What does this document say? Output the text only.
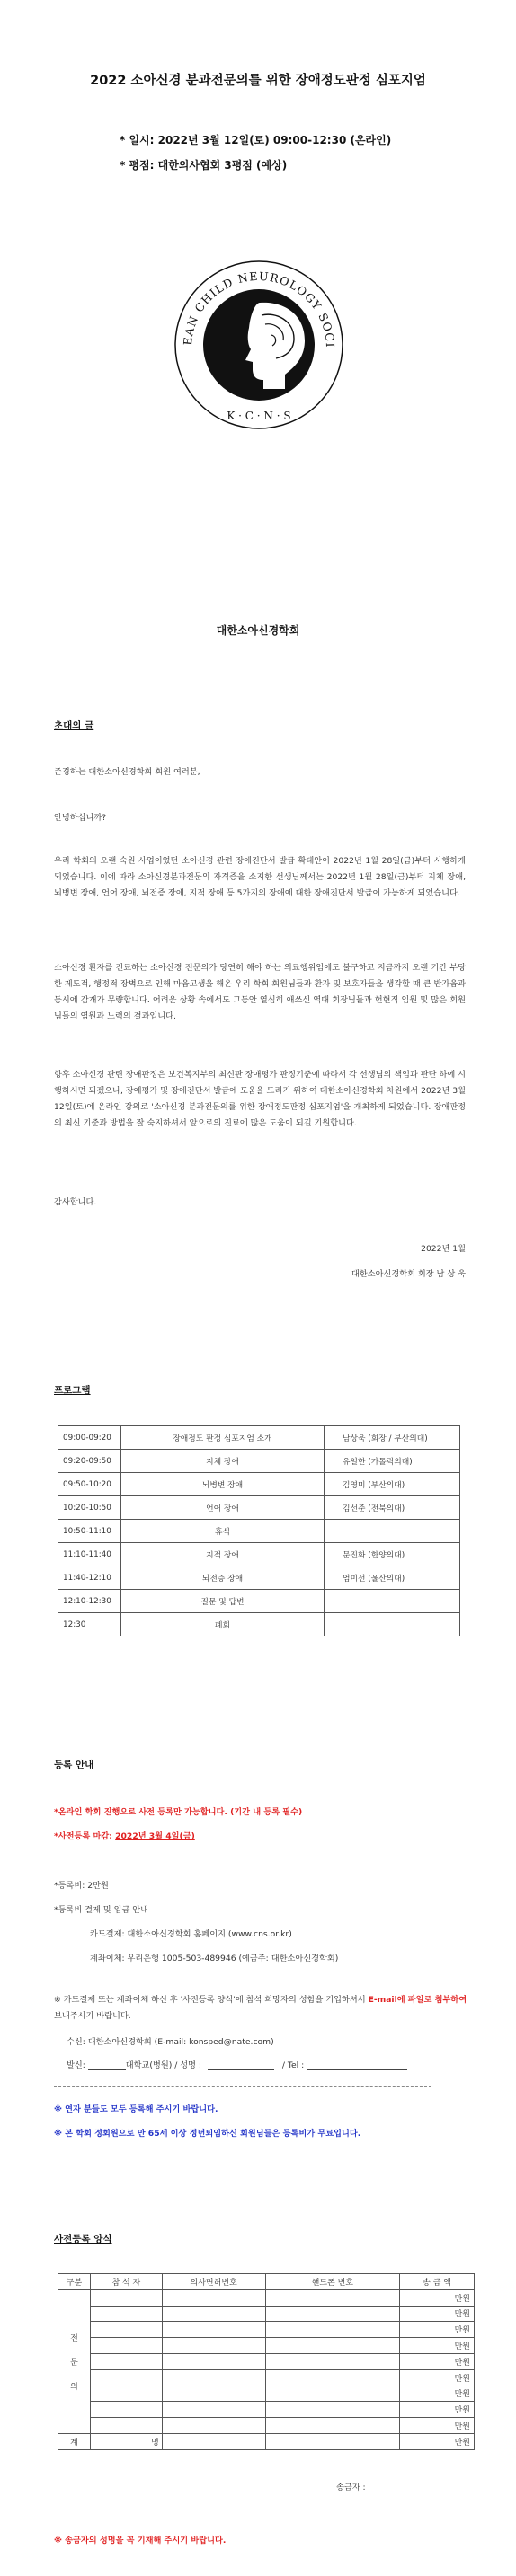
2022 소아신경 분과전문의를 위한 장애정도판정 심포지엄
* 일시: 2022년 3월 12일(토) 09:00-12:30 (온라인)
* 평점: 대한의사협회 3평점 (예상)
EAN CHILD NEUROLOGY SOCI
K · C · N · S
대한소아신경학회
초대의 글
존경하는 대한소아신경학회 회원 여러분,
안녕하십니까?
우리 학회의 오랜 숙원 사업이었던 소아신경 관련 장애진단서 발급 확대안이 2022년 1월 28일(금)부터 시행하게 되었습니다. 이에 따라 소아신경분과전문의 자격증을 소지한 선생님께서는 2022년 1월 28일(금)부터 지체 장애, 뇌병변 장애, 언어 장애, 뇌전증 장애, 지적 장애 등 5가지의 장애에 대한 장애진단서 발급이 가능하게 되었습니다.
소아신경 환자를 진료하는 소아신경 전문의가 당연히 해야 하는 의료행위임에도 불구하고 지금까지 오랜 기간 부당한 제도적, 행정적 장벽으로 인해 마음고생을 해온 우리 학회 회원님들과 환자 및 보호자들을 생각할 때 큰 반가움과 동시에 감개가 무량합니다. 어려운 상황 속에서도 그동안 열심히 애쓰신 역대 회장님들과 헌현직 임원 및 많은 회원님들의 염원과 노력의 결과입니다.
향후 소아신경 관련 장애판정은 보건복지부의 최신판 장애평가 판정기준에 따라서 각 선생님의 책임과 판단 하에 시행하시면 되겠으나, 장애평가 및 장애진단서 발급에 도움을 드리기 위하여 대한소아신경학회 차원에서 2022년 3월 12일(토)에 온라인 강의로 '소아신경 분과전문의를 위한 장애정도판정 심포지엄'을 개최하게 되었습니다. 장애판정의 최신 기준과 방법을 잘 숙지하셔서 앞으로의 진료에 많은 도움이 되길 기원합니다.
감사합니다.
2022년 1월
대한소아신경학회 회장 남 상 욱
프로그램
09:00-09:20	장애정도 판정 심포지엄 소개	남상욱 (회장 / 부산의대)
09:20-09:50	지체 장애	유일한 (가톨릭의대)
09:50-10:20	뇌병변 장애	김영미 (부산의대)
10:20-10:50	언어 장애	김선준 (전북의대)
10:50-11:10	휴식	
11:10-11:40	지적 장애	문진화 (한양의대)
11:40-12:10	뇌전증 장애	엄미선 (울산의대)
12:10-12:30	질문 및 답변	
12:30	폐회	
등록 안내
*온라인 학회 진행으로 사전 등록만 가능합니다. (기간 내 등록 필수)
*사전등록 마감: 2022년 3월 4일(금)
*등록비: 2만원
*등록비 결제 및 입금 안내
카드결제: 대한소아신경학회 홈페이지 (www.cns.or.kr)
계좌이체: 우리은행 1005-503-489946 (예금주: 대한소아신경학회)
※ 카드결제 또는 계좌이체 하신 후 '사전등록 양식'에 참석 희망자의 성함을 기입하셔서 E-mail에 파일로 첨부하여 보내주시기 바랍니다.
수신: 대한소아신경학회 (E-mail: konsped@nate.com)
발신:	대학교(병원) / 성명 :	/ Tel :
※ 연자 분들도 모두 등록해 주시기 바랍니다.
※ 본 학회 정회원으로 만 65세 이상 정년퇴임하신 회원님들은 등록비가 무료입니다.
사전등록 양식
구분	참 석 자	의사면허번호	핸드폰 번호	송 금 액

전
문
의				만원
				만원
				만원
				만원
				만원
				만원
				만원
				만원
				만원
계	명			만원
송금자 :
※ 송금자의 성명을 꼭 기재해 주시기 바랍니다.
